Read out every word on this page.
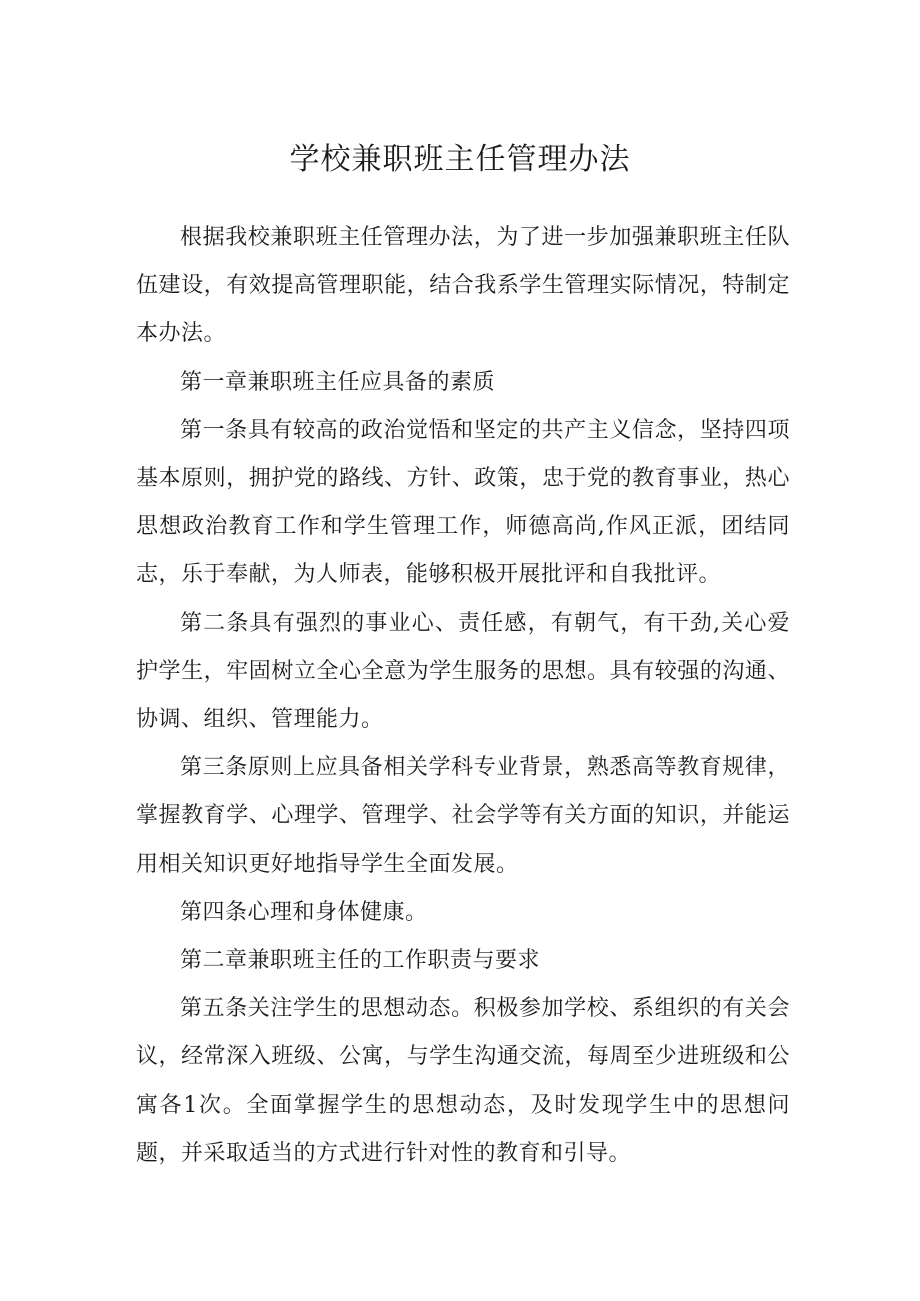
学校兼职班主任管理办法

根据我校兼职班主任管理办法，为了进一步加强兼职班主任队伍建设，有效提高管理职能，结合我系学生管理实际情况，特制定本办法。

第一章兼职班主任应具备的素质

第一条具有较高的政治觉悟和坚定的共产主义信念，坚持四项基本原则，拥护党的路线、方针、政策，忠于党的教育事业，热心思想政治教育工作和学生管理工作，师德高尚,作风正派，团结同志，乐于奉献，为人师表，能够积极开展批评和自我批评。

第二条具有强烈的事业心、责任感，有朝气，有干劲,关心爱护学生，牢固树立全心全意为学生服务的思想。具有较强的沟通、协调、组织、管理能力。

第三条原则上应具备相关学科专业背景，熟悉高等教育规律，掌握教育学、心理学、管理学、社会学等有关方面的知识，并能运用相关知识更好地指导学生全面发展。

第四条心理和身体健康。

第二章兼职班主任的工作职责与要求

第五条关注学生的思想动态。积极参加学校、系组织的有关会议，经常深入班级、公寓，与学生沟通交流，每周至少进班级和公寓各1次。全面掌握学生的思想动态，及时发现学生中的思想问题，并采取适当的方式进行针对性的教育和引导。
